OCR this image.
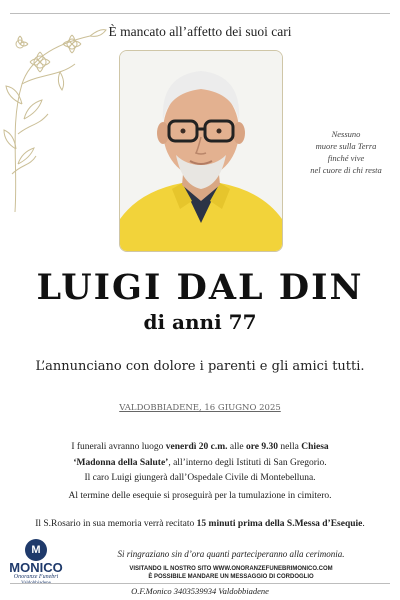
È mancato all’affetto dei suoi cari
Nessuno
muore sulla Terra
finché vive
nel cuore di chi resta
LUIGI DAL DIN
di anni 77
L’annunciano con dolore i parenti e gli amici tutti.
VALDOBBIADENE, 16 GIUGNO 2025

I funerali avranno luogo venerdì 20 c.m. alle ore 9.30 nella Chiesa

‘Madonna della Salute’, all’interno degli Istituti di San Gregorio.

Il caro Luigi giungerà dall’Ospedale Civile di Montebelluna.

Al termine delle esequie si proseguirà per la tumulazione in cimitero.
Il S.Rosario in sua memoria verrà recitato 15 minuti prima della S.Messa d’Esequie.
M
MONICO
Onoranze Funebri
Si ringraziano sin d’ora quanti parteciperanno alla cerimonia.
VISITANDO IL NOSTRO SITO WWW.ONORANZEFUNEBRIMONICO.COM
È POSSIBILE MANDARE UN MESSAGGIO DI CORDOGLIO
O.F.Monico 3403539934 Valdobbiadene
